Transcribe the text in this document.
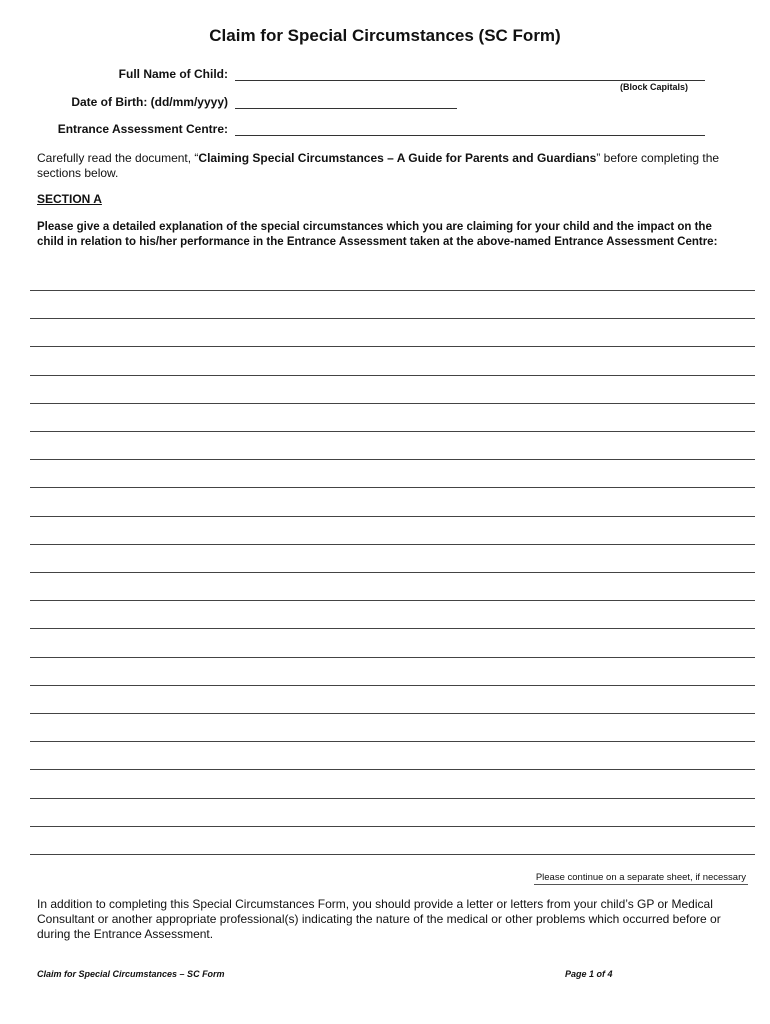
Claim for Special Circumstances (SC Form)
Full Name of Child:
(Block Capitals)
Date of Birth: (dd/mm/yyyy)
Entrance Assessment Centre:
Carefully read the document, “Claiming Special Circumstances – A Guide for Parents and Guardians” before completing the sections below.
SECTION A
Please give a detailed explanation of the special circumstances which you are claiming for your child and the impact on the child in relation to his/her performance in the Entrance Assessment taken at the above-named Entrance Assessment Centre:
Please continue on a separate sheet, if necessary
In addition to completing this Special Circumstances Form, you should provide a letter or letters from your child’s GP or Medical Consultant or another appropriate professional(s) indicating the nature of the medical or other problems which occurred before or during the Entrance Assessment.
Claim for Special Circumstances – SC Form	Page 1 of 4
